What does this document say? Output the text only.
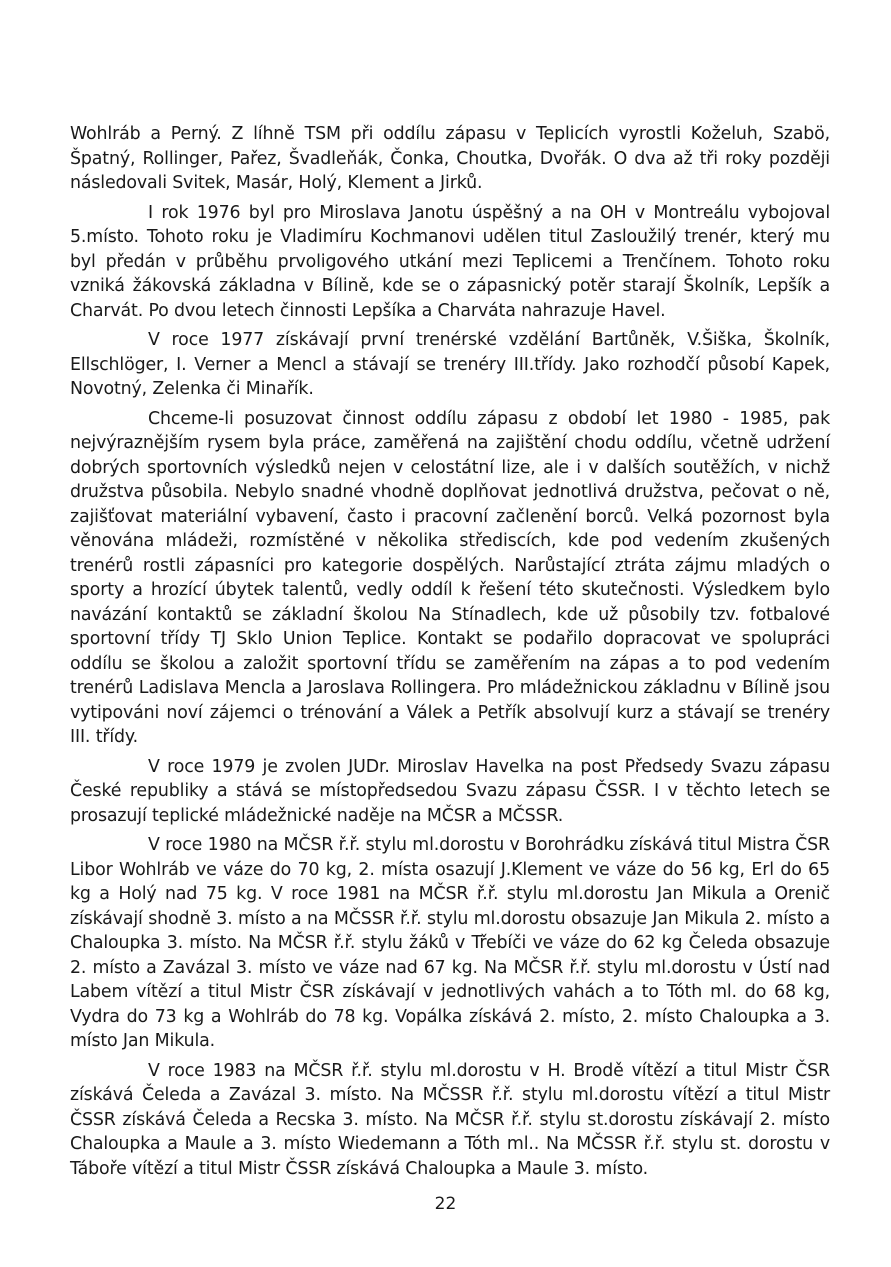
Wohlráb a Perný. Z líhně TSM při oddílu zápasu v Teplicích vyrostli Koželuh, Szabö, Špatný, Rollinger, Pařez, Švadleňák, Čonka, Choutka, Dvořák. O dva až tři roky později následovali Svitek, Masár, Holý, Klement a Jirků.

I rok 1976 byl pro Miroslava Janotu úspěšný a na OH v Montreálu vybojoval 5.místo. Tohoto roku je Vladimíru Kochmanovi udělen titul Zasloužilý trenér, který mu byl předán v průběhu prvoligového utkání mezi Teplicemi a Trenčínem. Tohoto roku vzniká žákovská základna v Bílině, kde se o zápasnický potěr starají Školník, Lepšík a Charvát. Po dvou letech činnosti Lepšíka a Charváta nahrazuje Havel.

V roce 1977 získávají první trenérské vzdělání Bartůněk, V.Šiška, Školník, Ellschlöger, I. Verner a Mencl a stávají se trenéry III.třídy. Jako rozhodčí působí Kapek, Novotný, Zelenka či Minařík.

Chceme-li posuzovat činnost oddílu zápasu z období let 1980 - 1985, pak nejvýraznějším rysem byla práce, zaměřená na zajištění chodu oddílu, včetně udržení dobrých sportovních výsledků nejen v celostátní lize, ale i v dalších soutěžích, v nichž družstva působila. Nebylo snadné vhodně doplňovat jednotlivá družstva, pečovat o ně, zajišťovat materiální vybavení, často i pracovní začlenění borců. Velká pozornost byla věnována mládeži, rozmístěné v několika střediscích, kde pod vedením zkušených trenérů rostli zápasníci pro kategorie dospělých. Narůstající ztráta zájmu mladých o sporty a hrozící úbytek talentů, vedly oddíl k řešení této skutečnosti. Výsledkem bylo navázání kontaktů se základní školou Na Stínadlech, kde už působily tzv. fotbalové sportovní třídy TJ Sklo Union Teplice. Kontakt se podařilo dopracovat ve spolupráci oddílu se školou a založit sportovní třídu se zaměřením na zápas a to pod vedením trenérů Ladislava Mencla a Jaroslava Rollingera. Pro mládežnickou základnu v Bílině jsou vytipováni noví zájemci o trénování a Válek a Petřík absolvují kurz a stávají se trenéry III. třídy.

V roce 1979 je zvolen JUDr. Miroslav Havelka na post Předsedy Svazu zápasu České republiky a stává se místopředsedou Svazu zápasu ČSSR. I v těchto letech se prosazují teplické mládežnické naděje na MČSR a MČSSR.

V roce 1980 na MČSR ř.ř. stylu ml.dorostu v Borohrádku získává titul Mistra ČSR Libor Wohlráb ve váze do 70 kg, 2. místa osazují J.Klement ve váze do 56 kg, Erl do 65 kg a Holý nad 75 kg. V roce 1981 na MČSR ř.ř. stylu ml.dorostu Jan Mikula a Orenič získávají shodně 3. místo a na MČSSR ř.ř. stylu ml.dorostu obsazuje Jan Mikula 2. místo a Chaloupka 3. místo. Na MČSR ř.ř. stylu žáků v Třebíči ve váze do 62 kg Čeleda obsazuje 2. místo a Zavázal 3. místo ve váze nad 67 kg. Na MČSR ř.ř. stylu ml.dorostu v Ústí nad Labem vítězí a titul Mistr ČSR získávají v jednotlivých vahách a to Tóth ml. do 68 kg, Vydra do 73 kg a Wohlráb do 78 kg. Vopálka získává 2. místo, 2. místo Chaloupka a 3. místo Jan Mikula.

V roce 1983 na MČSR ř.ř. stylu ml.dorostu v H. Brodě vítězí a titul Mistr ČSR získává Čeleda a Zavázal 3. místo. Na MČSSR ř.ř. stylu ml.dorostu vítězí a titul Mistr ČSSR získává Čeleda a Recska 3. místo. Na MČSR ř.ř. stylu st.dorostu získávají 2. místo Chaloupka a Maule a 3. místo Wiedemann a Tóth ml.. Na MČSSR ř.ř. stylu st. dorostu v Táboře vítězí a titul Mistr ČSSR získává Chaloupka a Maule 3. místo.

22
